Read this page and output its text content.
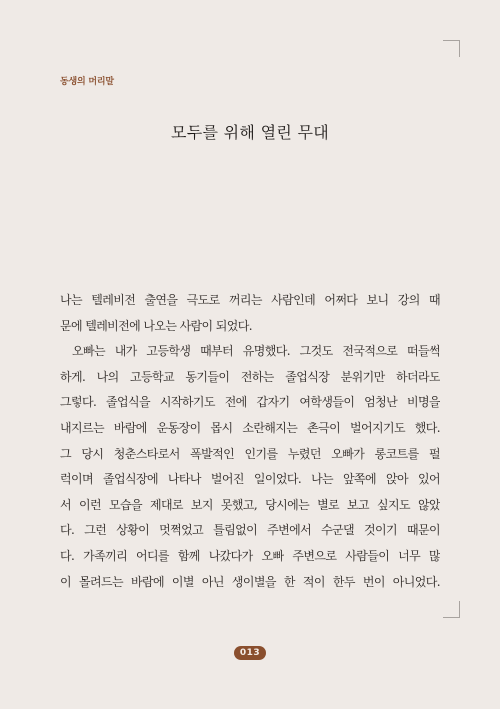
동생의 머리말
모두를 위해 열린 무대
나는 텔레비전 출연을 극도로 꺼리는 사람인데 어쩌다 보니 강의 때
문에 텔레비전에 나오는 사람이 되었다.
오빠는 내가 고등학생 때부터 유명했다. 그것도 전국적으로 떠들썩
하게. 나의 고등학교 동기들이 전하는 졸업식장 분위기만 하더라도
그렇다. 졸업식을 시작하기도 전에 갑자기 여학생들이 엄청난 비명을
내지르는 바람에 운동장이 몹시 소란해지는 촌극이 벌어지기도 했다.
그 당시 청춘스타로서 폭발적인 인기를 누렸던 오빠가 롱코트를 펄
럭이며 졸업식장에 나타나 벌어진 일이었다. 나는 앞쪽에 앉아 있어
서 이런 모습을 제대로 보지 못했고, 당시에는 별로 보고 싶지도 않았
다. 그런 상황이 멋쩍었고 틀림없이 주변에서 수군댈 것이기 때문이
다. 가족끼리 어디를 함께 나갔다가 오빠 주변으로 사람들이 너무 많
이 몰려드는 바람에 이별 아닌 생이별을 한 적이 한두 번이 아니었다.
013
